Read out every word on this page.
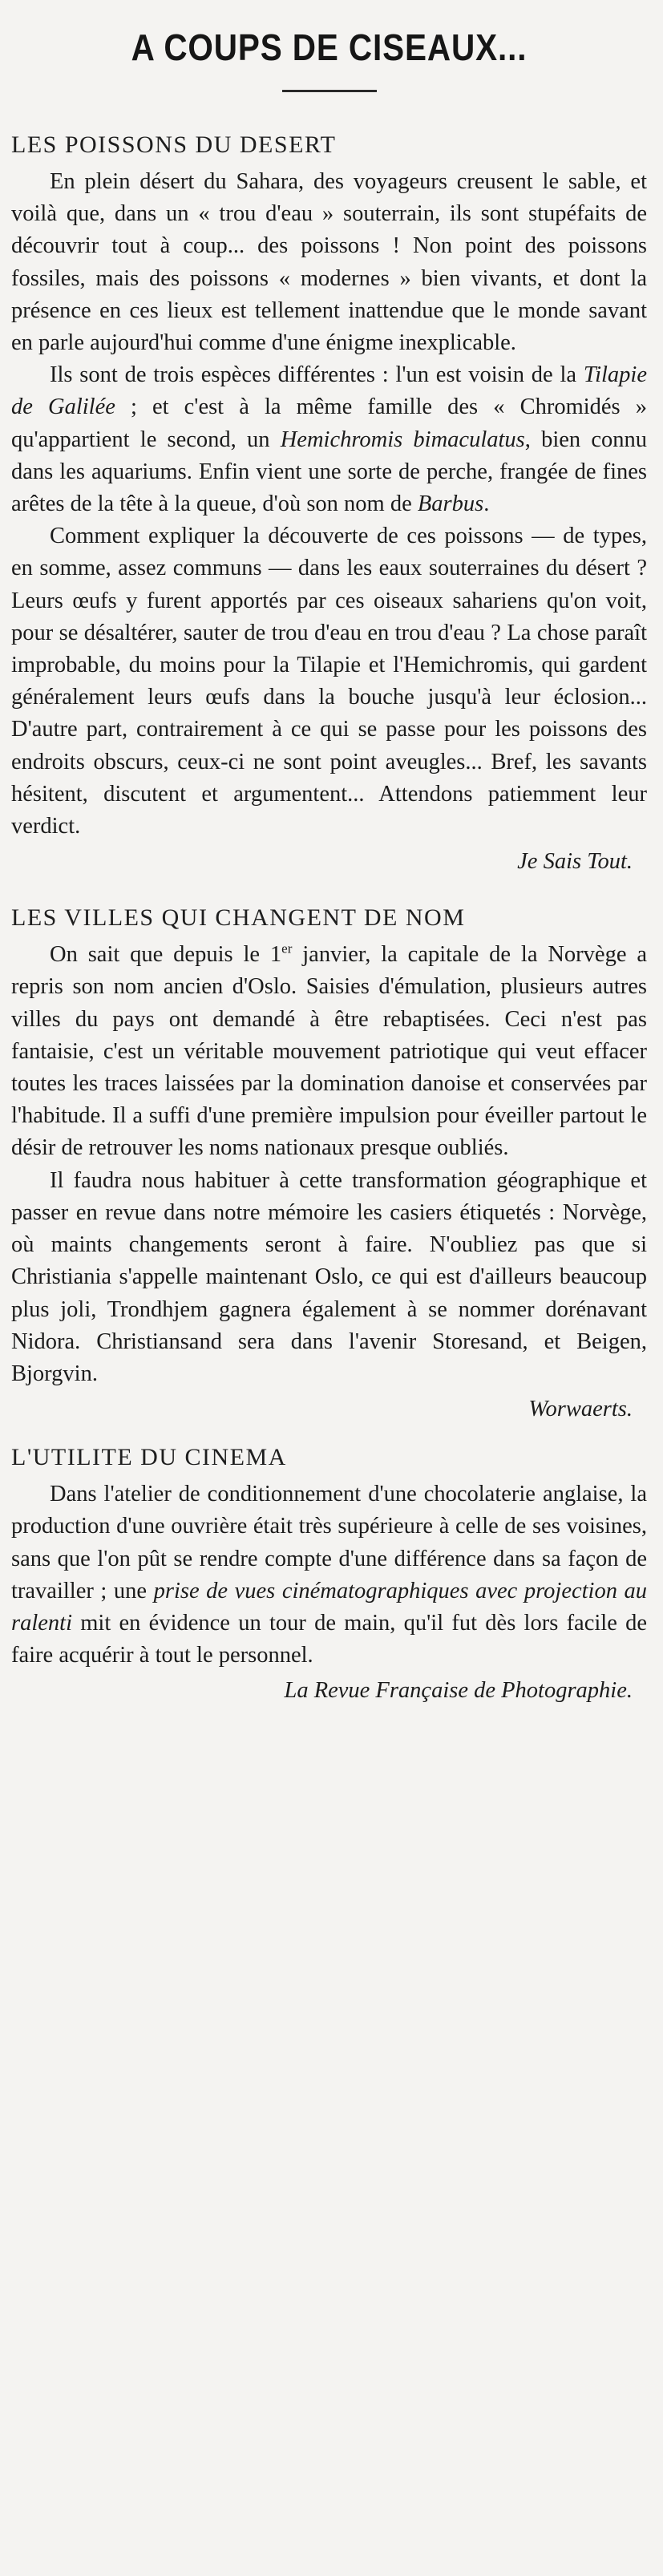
A COUPS DE CISEAUX...
LES POISSONS DU DESERT

En plein désert du Sahara, des voyageurs creusent le sable, et voilà que, dans un « trou d'eau » souterrain, ils sont stupéfaits de découvrir tout à coup... des poissons ! Non point des poissons fossiles, mais des poissons « modernes » bien vivants, et dont la présence en ces lieux est tellement inattendue que le monde savant en parle aujourd'hui comme d'une énigme inexplicable.

Ils sont de trois espèces différentes : l'un est voisin de la Tilapie de Galilée ; et c'est à la même famille des « Chromidés » qu'appartient le second, un Hemichromis bimaculatus, bien connu dans les aquariums. Enfin vient une sorte de perche, frangée de fines arêtes de la tête à la queue, d'où son nom de Barbus.

Comment expliquer la découverte de ces poissons — de types, en somme, assez communs — dans les eaux souterraines du désert ? Leurs œufs y furent apportés par ces oiseaux sahariens qu'on voit, pour se désaltérer, sauter de trou d'eau en trou d'eau ? La chose paraît improbable, du moins pour la Tilapie et l'Hemichromis, qui gardent généralement leurs œufs dans la bouche jusqu'à leur éclosion... D'autre part, contrairement à ce qui se passe pour les poissons des endroits obscurs, ceux-ci ne sont point aveugles... Bref, les savants hésitent, discutent et argumentent... Attendons patiemment leur verdict.

Je Sais Tout.
LES VILLES QUI CHANGENT DE NOM

On sait que depuis le 1er janvier, la capitale de la Norvège a repris son nom ancien d'Oslo. Saisies d'émulation, plusieurs autres villes du pays ont demandé à être rebaptisées. Ceci n'est pas fantaisie, c'est un véritable mouvement patriotique qui veut effacer toutes les traces laissées par la domination danoise et conservées par l'habitude. Il a suffi d'une première impulsion pour éveiller partout le désir de retrouver les noms nationaux presque oubliés.

Il faudra nous habituer à cette transformation géographique et passer en revue dans notre mémoire les casiers étiquetés : Norvège, où maints changements seront à faire. N'oubliez pas que si Christiania s'appelle maintenant Oslo, ce qui est d'ailleurs beaucoup plus joli, Trondhjem gagnera également à se nommer dorénavant Nidora. Christiansand sera dans l'avenir Storesand, et Beigen, Bjorgvin.

Worwaerts.
L'UTILITE DU CINEMA

Dans l'atelier de conditionnement d'une chocolaterie anglaise, la production d'une ouvrière était très supérieure à celle de ses voisines, sans que l'on pût se rendre compte d'une différence dans sa façon de travailler ; une prise de vues cinématographiques avec projection au ralenti mit en évidence un tour de main, qu'il fut dès lors facile de faire acquérir à tout le personnel.

La Revue Française de Photographie.
